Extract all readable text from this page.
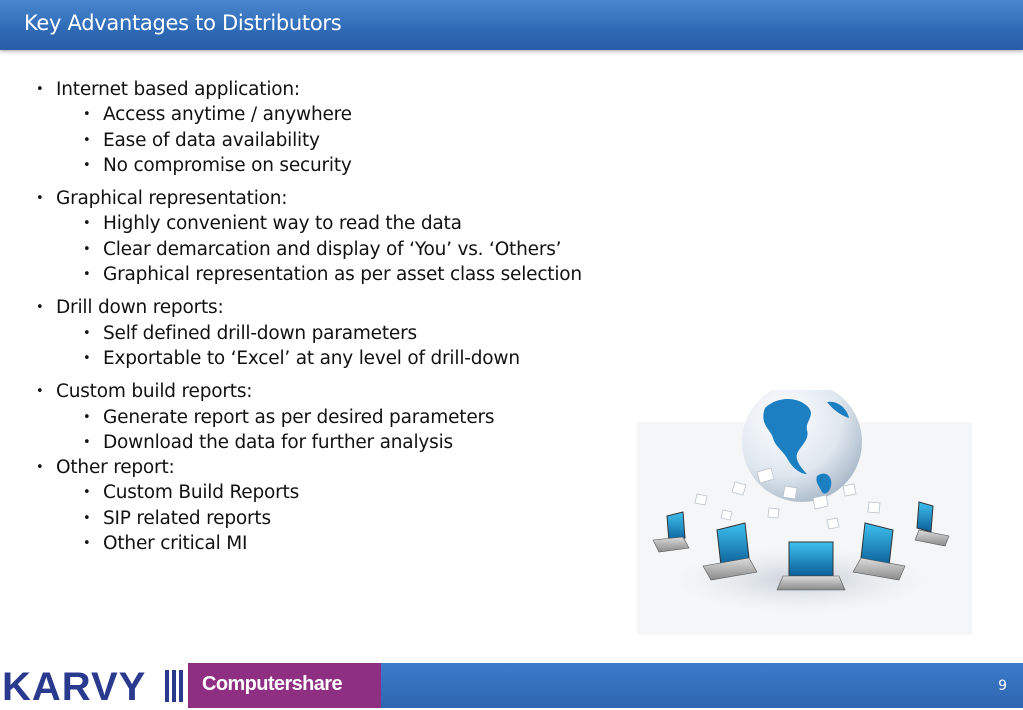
Key Advantages to Distributors
• Internet based application:
• Access anytime / anywhere
• Ease of data availability
• No compromise on security
• Graphical representation:
• Highly convenient way to read the data
• Clear demarcation and display of ‘You’ vs. ‘Others’
• Graphical representation as per asset class selection
• Drill down reports:
• Self defined drill-down parameters
• Exportable to ‘Excel’ at any level of drill-down
• Custom build reports:
• Generate report as per desired parameters
• Download the data for further analysis
• Other report:
• Custom Build Reports
• SIP related reports
• Other critical MI
KARVY	Computershare	9
